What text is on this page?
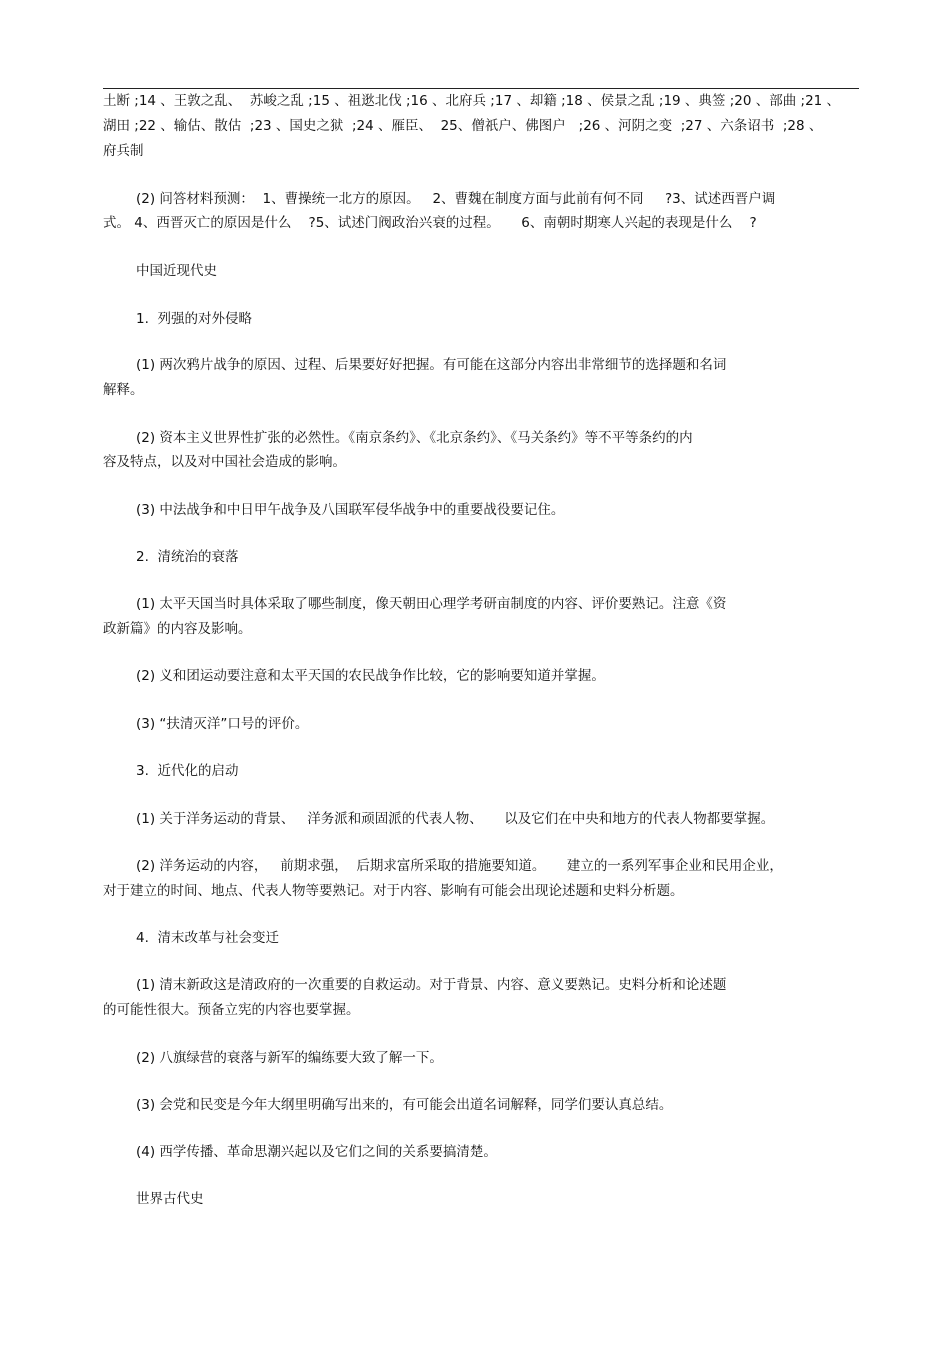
土断 ;14 、王敦之乱、  苏峻之乱 ;15 、祖逖北伐 ;16 、北府兵 ;17 、却籍 ;18 、侯景之乱 ;19 、典签 ;20 、部曲 ;21 、
湖田 ;22 、输估、散估  ;23 、国史之狱  ;24 、雁臣、  25、僧祇户、佛图户   ;26 、河阴之变  ;27 、六条诏书  ;28 、
府兵制
(2) 问答材料预测：  1、曹操统一北方的原因。   2、曹魏在制度方面与此前有何不同     ?3、试述西晋户调
式。 4、西晋灭亡的原因是什么    ?5、试述门阀政治兴衰的过程。     6、南朝时期寒人兴起的表现是什么    ?
中国近现代史
1.  列强的对外侵略
(1) 两次鸦片战争的原因、过程、后果要好好把握。有可能在这部分内容出非常细节的选择题和名词
解释。
(2) 资本主义世界性扩张的必然性。《南京条约》、《北京条约》、《马关条约》等不平等条约的内
容及特点，以及对中国社会造成的影响。
(3) 中法战争和中日甲午战争及八国联军侵华战争中的重要战役要记住。
2.  清统治的衰落
(1) 太平天国当时具体采取了哪些制度，像天朝田心理学考研亩制度的内容、评价要熟记。注意《资
政新篇》的内容及影响。
(2) 义和团运动要注意和太平天国的农民战争作比较，它的影响要知道并掌握。
(3) “扶清灭洋”口号的评价。
3.  近代化的启动
(1) 关于洋务运动的背景、   洋务派和顽固派的代表人物、     以及它们在中央和地方的代表人物都要掌握。
(2) 洋务运动的内容，   前期求强，  后期求富所采取的措施要知道。     建立的一系列军事企业和民用企业，
对于建立的时间、地点、代表人物等要熟记。对于内容、影响有可能会出现论述题和史料分析题。
4.  清末改革与社会变迁
(1) 清末新政这是清政府的一次重要的自救运动。对于背景、内容、意义要熟记。史料分析和论述题
的可能性很大。预备立宪的内容也要掌握。
(2) 八旗绿营的衰落与新军的编练要大致了解一下。
(3) 会党和民变是今年大纲里明确写出来的，有可能会出道名词解释，同学们要认真总结。
(4) 西学传播、革命思潮兴起以及它们之间的关系要搞清楚。
世界古代史
